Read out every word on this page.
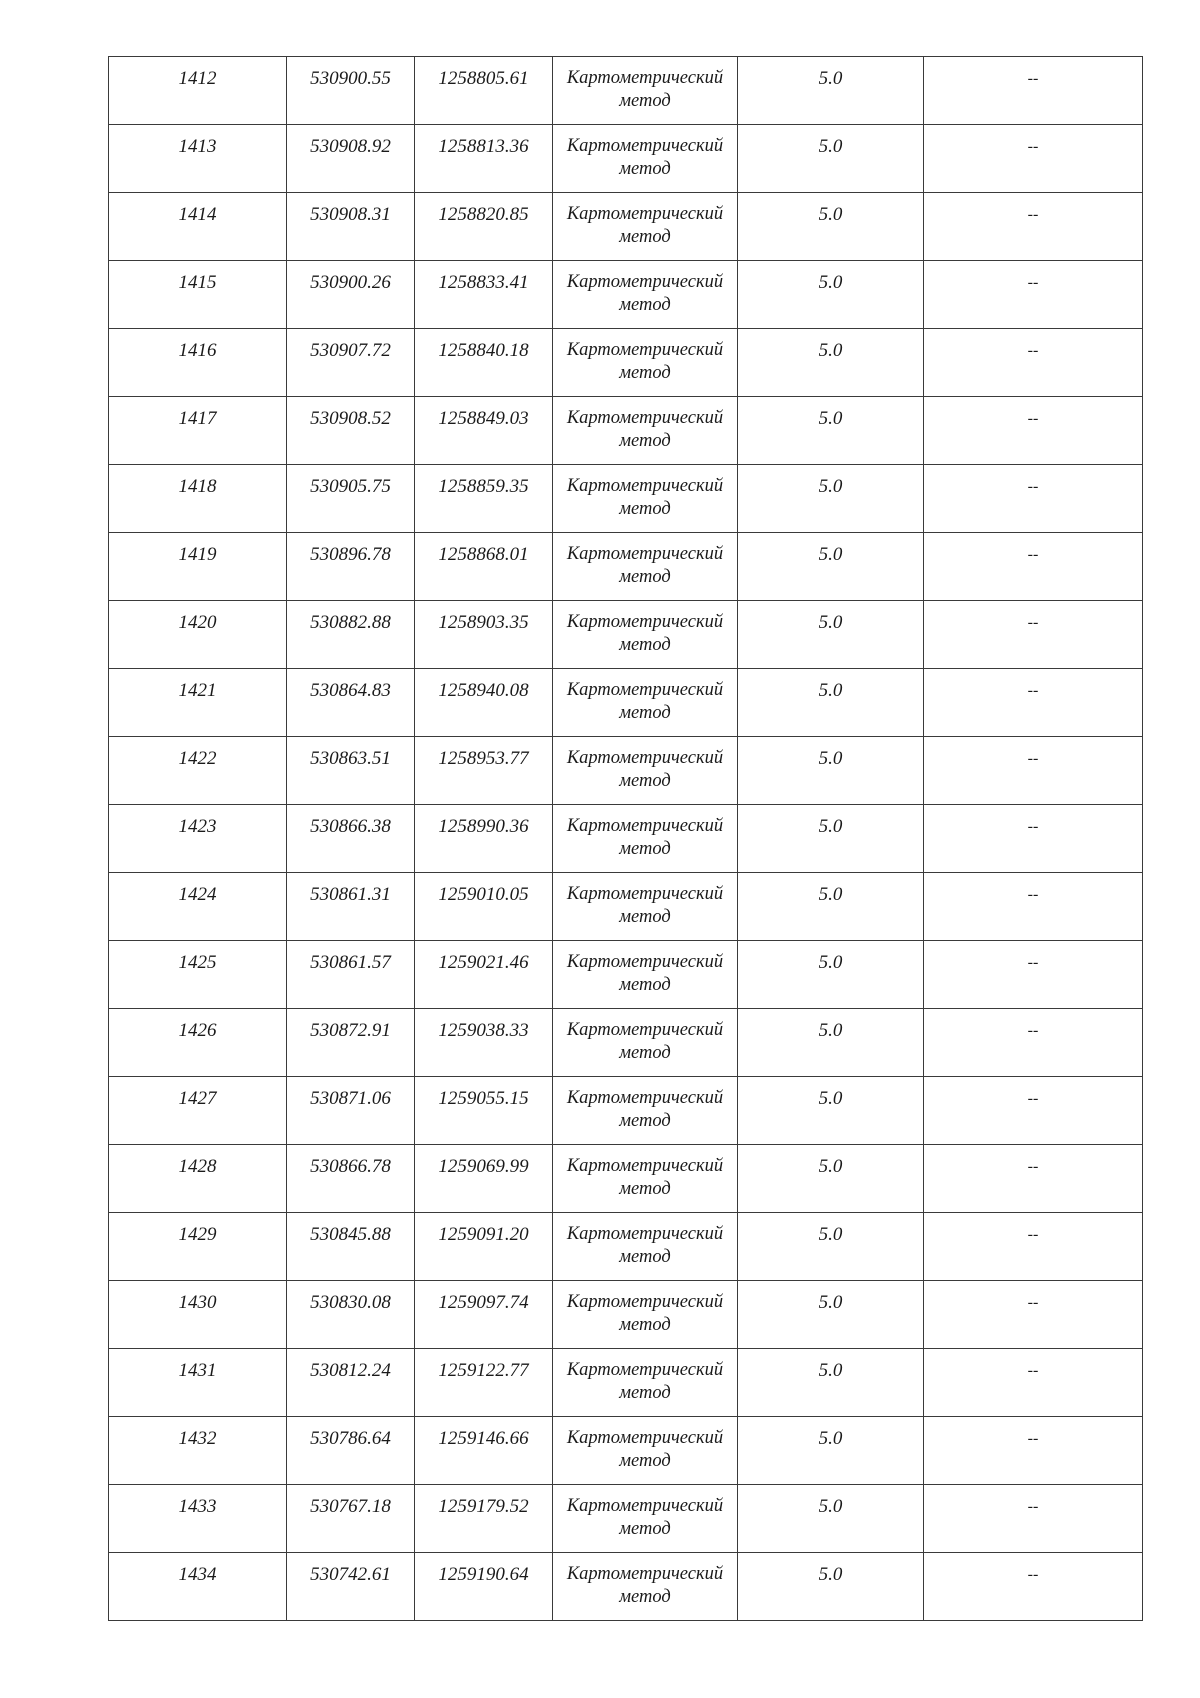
1412	530900.55	1258805.61	Картометрический метод	5.0	--
1413	530908.92	1258813.36	Картометрический метод	5.0	--
1414	530908.31	1258820.85	Картометрический метод	5.0	--
1415	530900.26	1258833.41	Картометрический метод	5.0	--
1416	530907.72	1258840.18	Картометрический метод	5.0	--
1417	530908.52	1258849.03	Картометрический метод	5.0	--
1418	530905.75	1258859.35	Картометрический метод	5.0	--
1419	530896.78	1258868.01	Картометрический метод	5.0	--
1420	530882.88	1258903.35	Картометрический метод	5.0	--
1421	530864.83	1258940.08	Картометрический метод	5.0	--
1422	530863.51	1258953.77	Картометрический метод	5.0	--
1423	530866.38	1258990.36	Картометрический метод	5.0	--
1424	530861.31	1259010.05	Картометрический метод	5.0	--
1425	530861.57	1259021.46	Картометрический метод	5.0	--
1426	530872.91	1259038.33	Картометрический метод	5.0	--
1427	530871.06	1259055.15	Картометрический метод	5.0	--
1428	530866.78	1259069.99	Картометрический метод	5.0	--
1429	530845.88	1259091.20	Картометрический метод	5.0	--
1430	530830.08	1259097.74	Картометрический метод	5.0	--
1431	530812.24	1259122.77	Картометрический метод	5.0	--
1432	530786.64	1259146.66	Картометрический метод	5.0	--
1433	530767.18	1259179.52	Картометрический метод	5.0	--
1434	530742.61	1259190.64	Картометрический метод	5.0	--
